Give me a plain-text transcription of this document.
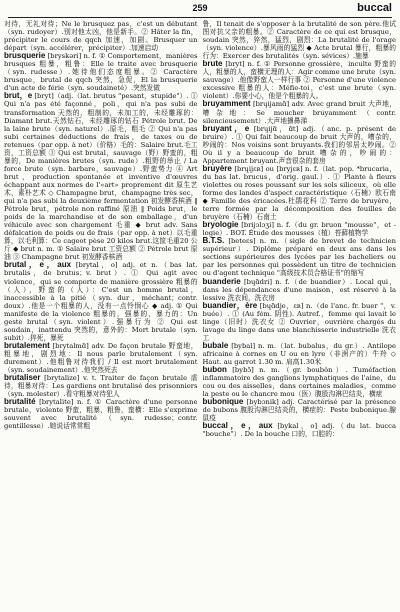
259	buccal

对待，无礼对待；Ne le brusquez pas，c'est un débutant（syn. rudoyer）.别对他太凶，他是新手。② Hâter la fin，précipiter le cours de qqch 加速，加剧。Brusquer un départ（syn. accélérer，précipiter）.加速启动

brusquerie [bryskəri] n. f. ① Comportement，manières brusques 粗暴，粗鲁：Elle le traite avec brusquerie（syn. rudesse）.她待他们态度粗暴。② Caractère brusque，brutal de qqch 突然，急促，El la brusquerie d'un acte de férie（syn. soudaineté）.突然发做

brut，e [bryt]（adj.（lat. brutus "pesant，stupide"）. ① Qui n'a pas été façonné，poli，qui n'a pas subi de transformation 天然的，粗制的，未加工的，未经雕琢的：Diamant brut.天然钻石，未经雕琢的钻石 Pétrole brut. De la laine brute（syn. naturel）.原毛，粗毛 ② Qui n'a pas subi certaines déductions de frais，de taxes ou de retenues（par opp. à net）（价格）毛的：Salaire brut.毛工资，工资总额 ③ Qui est brutal，sauvage（野）野蛮的，粗暴的，De manières brutes（syn. rude）.粗野的举止 / La force brute（syn. barbare，sauvage）.野蛮势力 ④ Art brut，production spontanée et inventive d'œuvres échappant aux normes de l'«art» proprement dit 原生艺术，素朴艺术 ◇ Champagne brut，champagne très sec，qui n'a pas subi la deuxième fermentation 初发酵香槟酒 ‖ Pétrole brut，pétrole non raffiné 原油 ‖ Poids brut，le poids de la marchandise et de son emballage，d'un véhicule avec son chargement 毛重 ◆ brut adv. Sans défalcation de poids ou de frais（par opp. à net）以毛重算，以毛利算：Ce cageot pèse 20 kilos brut.这筐毛重20 公斤 ◆ brut n. m. ① Salaire brut 工资总额 ② Pétrole brut 原油 ③ Champagne brut 初发酵香槟酒

brutal，e，aux [brytal，o] adj. et n.（bas lat. brutalis，de brutus；v. brut）. ① Qui agit avec violence，qui se comporte de manière grossière 粗暴的（人），野蛮的（人）：C'est un homme brutal，inaccessible à la pitié（syn. dur，méchant；contr. doux）.他是一个粗暴的人，没有一点怜悯心 ◆ adj. ① Qui manifeste de la violence 粗暴的，强暴的，暴力的：Un geste brutal（syn. violent）.强暴行为 ② Qui est soudain，inattendu 突然的，意外的：Mort brutale（syn. subit）.猝死，暴死

brutalement [brytalmɑ̃] adv. De façon brutale 野蛮地，粗暴地，剧烈地：Il nous parle brutalement（syn. durement）.他粗鲁对待我们 / Il est mort brutalement（syn. soudainement）.他突然死去

brutaliser [brytalize] v. t. Traiter de façon brutale 虐待，粗暴对待：Les gardiens ont brutalisé des prisonniers（syn. molester）.看守粗暴对待犯人

brutalité [brytalite] n. f. ① Caractère d'une personne brutale，violente 野蛮，粗暴，粗鲁，蛮横：Elle s'exprime souvent avec brutalité（syn. rudesse；contr. gentillesse）.她说话常常粗

鲁，Il tenait de s'opposer à la brutalité de son père.他试图对抗父亲的粗暴。② Caractère de ce qui est brusque，soudain 突然，猝然，猛烈，剧烈：La brutalité de l'orage（syn. violence）.暴风雨的猛烈 ◆ Acte brutal 暴行，粗暴的行为：Exercer des brutalités（syn. sévices）.施暴

brute [bryt] n. f. ① Personne grossière，inculte 野蛮的人，粗暴的人，蛮横无理的人：Agir comme une brute（syn. sauvage）.他像野蛮人一样行事 ② Personne d'une violence excessive 粗暴的人：Méfie-toi，c'est une brute（syn. violent）.你要小心，他是个粗暴的人。

bruyamment [brɥijamɑ̃] adv. Avec grand bruit 大声地，嘈杂地：Se moucher bruyamment（contr. silencieusement）.大声地擤鼻涕

bruyant，e [brɥijɑ̃，ɑ̃t] adj.（anc. p. présent de bruire）. ① Qui fait beaucoup de bruit 大声的，嘈杂的，吵闹的：Nos voisins sont bruyants.我们的邻居太吵闹。② Où il y a beaucoup de bruit 嘈杂的，吵闹的：Appartement bruyant.声音很杂的套房

bruyère [brɥijɛʀ] ou [bryjɛʀ] n. f.（lat. pop. *brucaria，du bas lat. brucus，d'orig. gaul.）. ① Plante à fleurs violettes ou roses poussant sur les sols siliceux，où elle forme des landes d'aspect caractéristique（石楠）欧石南 ◆ Famille des éricacées.杜鹃花科 ② Terre de bruyère，terre formée par la décomposition des feuilles de bruyère（石楠）石南土

bryologie [brijɔlɔʒi] n. f.（du gr. bruon "mousse"，et -logie）. BOT. Étude des mousses（植）苔藓植物学

B.T.S. [beteɛs] n. m.（sigle de brevet de technicien supérieur）. Diplôme préparé en deux ans dans les sections supérieures des lycées par les bacheliers ou par les personnes qui possèdent un titre de technicien ou d'agent technique "高级技术员合格证书"的缩写

buanderie [bɥɑ̃dri] n. f.（de buandier）. Local qui，dans les dépendances d'une maison，est réservé à la lessive 洗衣间，洗衣房

buandier，ère [bɥɑ̃dje，ɛʀ] n.（de l'anc. fr. buer "，v. buée）. ① (Au fém. 阴性). Autref.，femme qui lavait le linge（旧时）洗衣女 ② Ouvrier，ouvrière chargés du lavage du linge dans une blanchisserie industrielle 洗衣工

bubale [bybal] n. m.（lat. bubalus，du gr.）. Antilope africaine à cornes en U ou en lyre（非洲产的）牛羚 ◇ Haut. au garrot 1.30 m. 肩高1.30米

bubon [bybɔ̃] n. m.（gr. boubôn）. Tuméfaction inflammatoire des ganglions lymphatiques de l'aine，du cou ou des aisselles，dans certaines maladies，comme la peste ou le chancre mou（医）腹股沟淋巴结炎，横痃

bubonique [bybɔnik] adj. Caractérisé par la présence de bubons 腹股沟淋巴结炎的，横痃的：Peste bubonique.腺鼠疫

buccal，e，aux [bykal，o] adj.（du lat. bucca "bouche"）. De la bouche 口的，口腔的：
